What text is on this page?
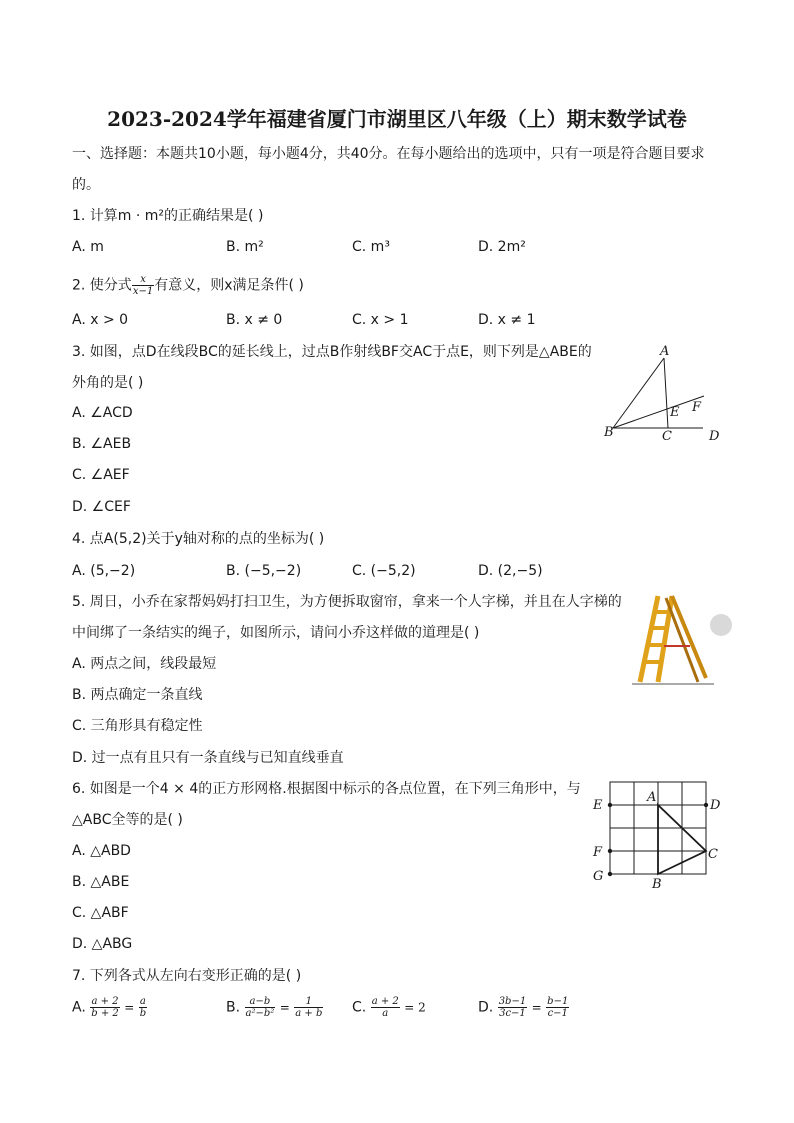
2023-2024学年福建省厦门市湖里区八年级（上）期末数学试卷
一、选择题：本题共10小题，每小题4分，共40分。在每小题给出的选项中，只有一项是符合题目要求
的。
1. 计算m · m²的正确结果是( )
A. m	B. m²	C. m³	D. 2m²
2. 使分式 $\frac{x}{x-1}$ 有意义，则x满足条件( )
A. x > 0	B. x ≠ 0	C. x > 1	D. x ≠ 1
3. 如图，点D在线段BC的延长线上，过点B作射线BF交AC于点E，则下列是△ABE的
外角的是( )
A. ∠ACD
B. ∠AEB
C. ∠AEF
D. ∠CEF
A
B	C	D
E F
4. 点A(5,2)关于y轴对称的点的坐标为( )
A. (5,−2)	B. (−5,−2)	C. (−5,2)	D. (2,−5)
5. 周日，小乔在家帮妈妈打扫卫生，为方便拆取窗帘，拿来一个人字梯，并且在人字梯的
中间绑了一条结实的绳子，如图所示，请问小乔这样做的道理是( )
A. 两点之间，线段最短
B. 两点确定一条直线
C. 三角形具有稳定性
D. 过一点有且只有一条直线与已知直线垂直
6. 如图是一个4 × 4的正方形网格.根据图中标示的各点位置，在下列三角形中，与
△ABC全等的是( )
A. △ABD
B. △ABE
C. △ABF
D. △ABG
A
E	D
F	C
G
B
7. 下列各式从左向右变形正确的是( )
A. $\frac{a + 2}{b + 2} = \frac{a}{b}$	B. $\frac{a-b}{\text{a²−b²}} = \frac{1}{a + b} C$. $\frac{a + 2}{a} = 2$	D. $\frac{3b-1}{3c-1} = \frac{b-1}{c-1}$
